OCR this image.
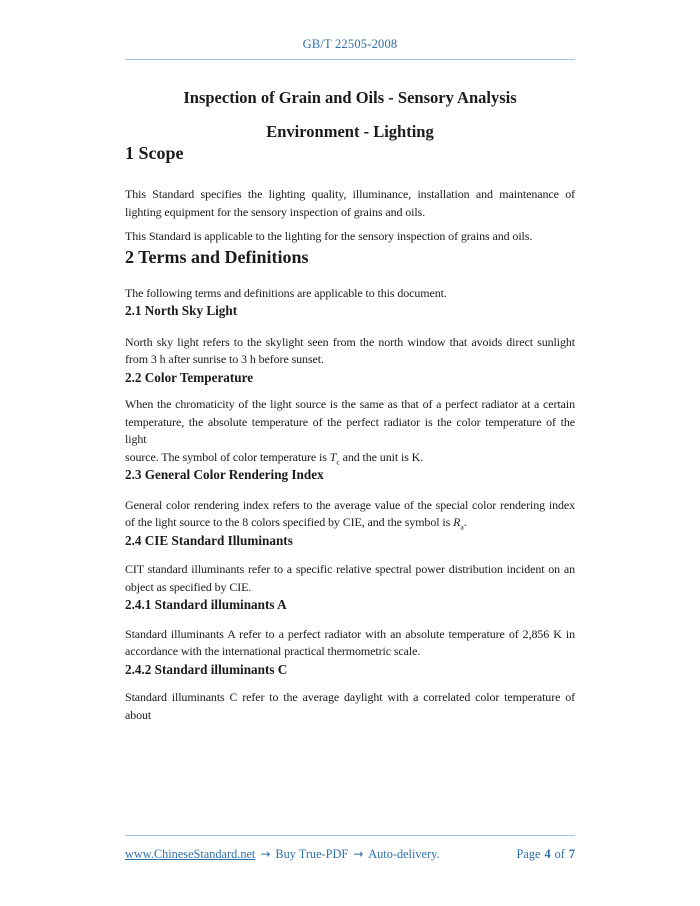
GB/T 22505-2008
Inspection of Grain and Oils - Sensory Analysis
Environment - Lighting
1 Scope
This Standard specifies the lighting quality, illuminance, installation and maintenance of
lighting equipment for the sensory inspection of grains and oils.
This Standard is applicable to the lighting for the sensory inspection of grains and oils.
2 Terms and Definitions
The following terms and definitions are applicable to this document.
2.1 North Sky Light
North sky light refers to the skylight seen from the north window that avoids direct sunlight
from 3 h after sunrise to 3 h before sunset.
2.2 Color Temperature
When the chromaticity of the light source is the same as that of a perfect radiator at a certain
temperature, the absolute temperature of the perfect radiator is the color temperature of the light
source. The symbol of color temperature is $T_c$ and the unit is K.
2.3 General Color Rendering Index
General color rendering index refers to the average value of the special color rendering index
of the light source to the 8 colors specified by CIE, and the symbol is $R_a$.
2.4 CIE Standard Illuminants
CIT standard illuminants refer to a specific relative spectral power distribution incident on an
object as specified by CIE.
2.4.1 Standard illuminants A
Standard illuminants A refer to a perfect radiator with an absolute temperature of 2,856 K in
accordance with the international practical thermometric scale.
2.4.2 Standard illuminants C
Standard illuminants C refer to the average daylight with a correlated color temperature of about
www.ChineseStandard.net → Buy True-PDF → Auto-delivery.	Page 4 of 7
